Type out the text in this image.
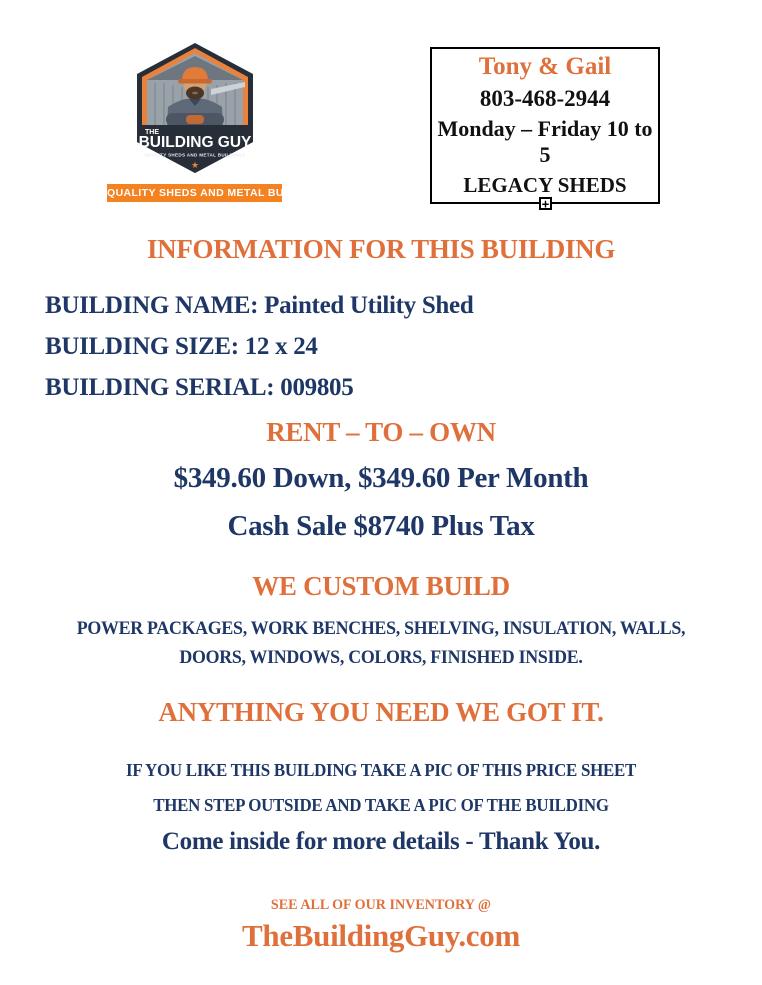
THE
BUILDING GUY
QUALITY SHEDS AND METAL BUILDINGS
★
QUALITY SHEDS AND METAL BUILDINGS
Tony & Gail
803-468-2944
Monday – Friday 10 to 5
LEGACY SHEDS
+
INFORMATION FOR THIS BUILDING
BUILDING NAME: Painted Utility Shed
BUILDING SIZE: 12 x 24
BUILDING SERIAL: 009805
RENT – TO – OWN
$349.60 Down, $349.60 Per Month
Cash Sale $8740 Plus Tax
WE CUSTOM BUILD
POWER PACKAGES, WORK BENCHES, SHELVING, INSULATION, WALLS,
DOORS, WINDOWS, COLORS, FINISHED INSIDE.
ANYTHING YOU NEED WE GOT IT.
IF YOU LIKE THIS BUILDING TAKE A PIC OF THIS PRICE SHEET
THEN STEP OUTSIDE AND TAKE A PIC OF THE BUILDING
Come inside for more details - Thank You.
SEE ALL OF OUR INVENTORY @
TheBuildingGuy.com
